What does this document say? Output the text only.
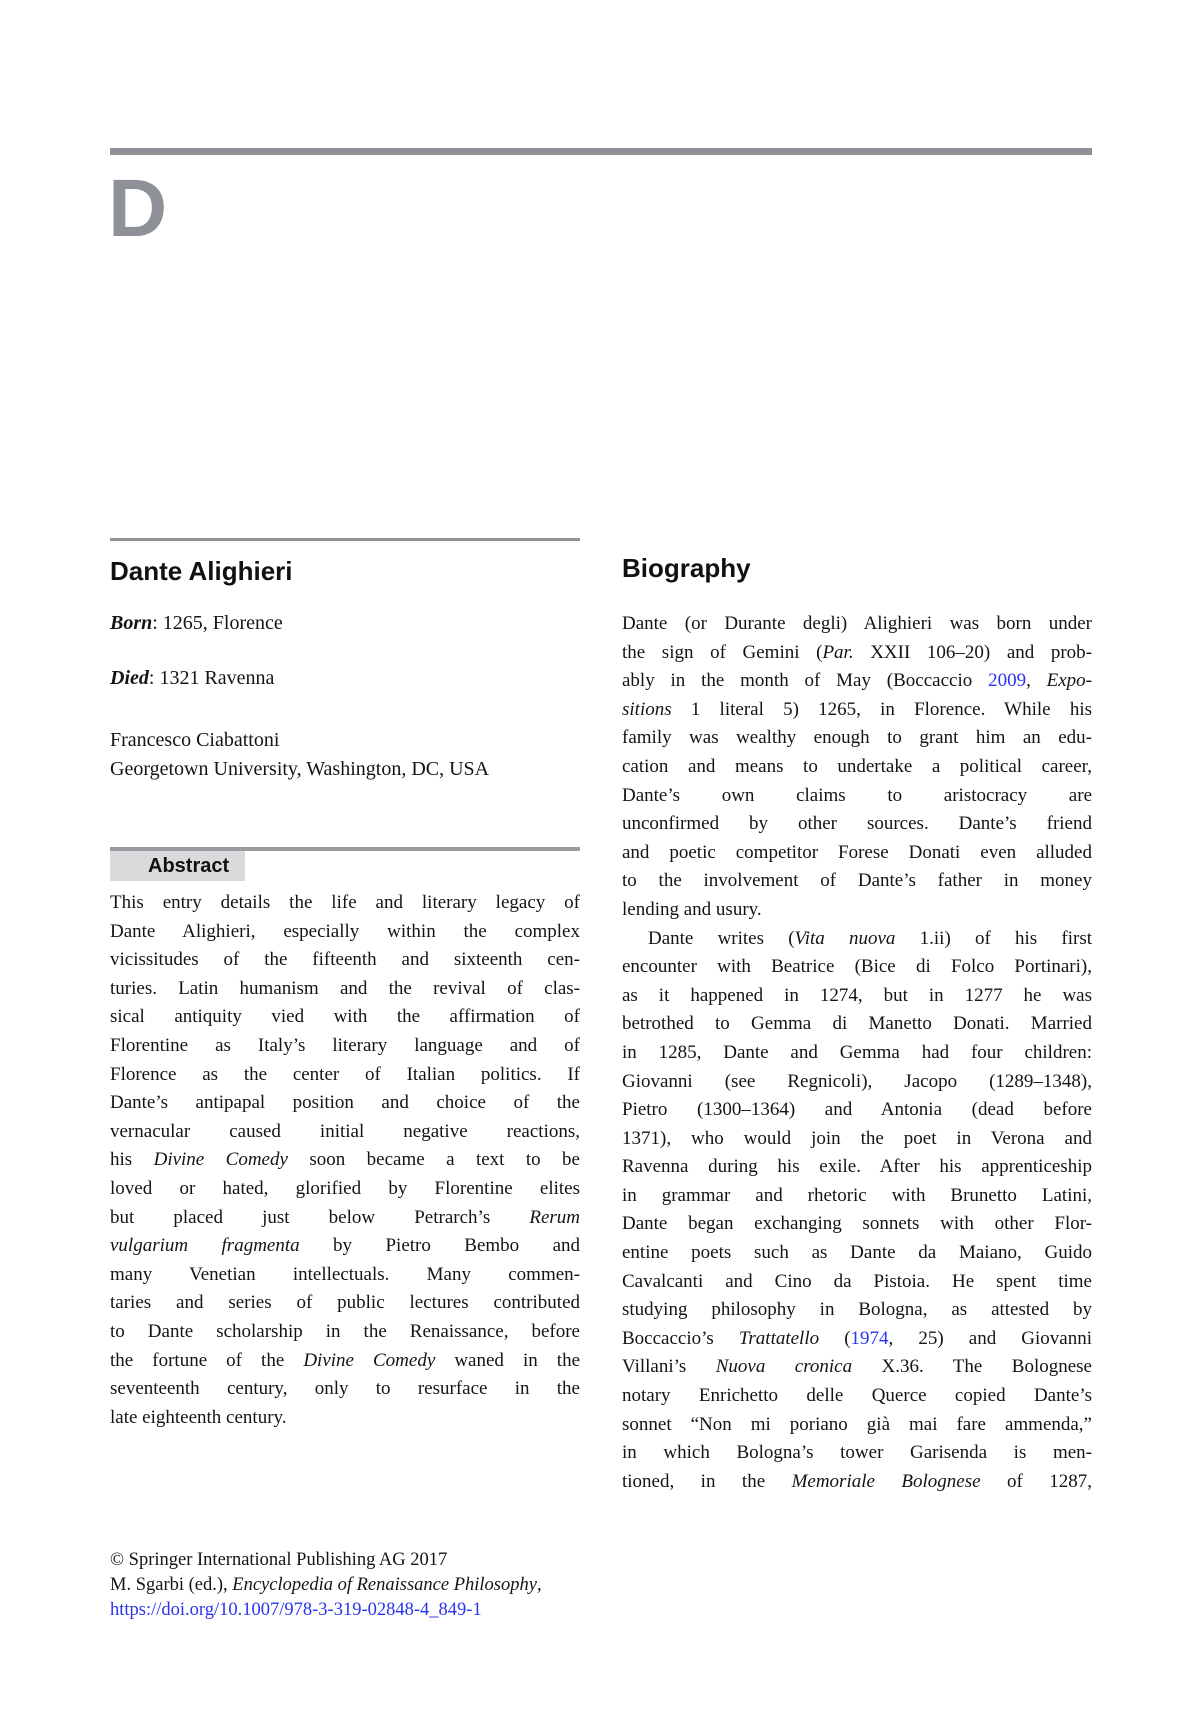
D
Dante Alighieri

Born: 1265, Florence

Died: 1321 Ravenna

Francesco Ciabattoni

Georgetown University, Washington, DC, USA

Abstract
This entry details the life and literary legacy of
Dante Alighieri, especially within the complex
vicissitudes of the fifteenth and sixteenth cen-
turies. Latin humanism and the revival of clas-
sical antiquity vied with the affirmation of
Florentine as Italy’s literary language and of
Florence as the center of Italian politics. If
Dante’s antipapal position and choice of the
vernacular caused initial negative reactions,
his Divine Comedy soon became a text to be
loved or hated, glorified by Florentine elites
but placed just below Petrarch’s Rerum
vulgarium fragmenta by Pietro Bembo and
many Venetian intellectuals. Many commen-
taries and series of public lectures contributed
to Dante scholarship in the Renaissance, before
the fortune of the Divine Comedy waned in the
seventeenth century, only to resurface in the
late eighteenth century.
Biography
Dante (or Durante degli) Alighieri was born under
the sign of Gemini (Par. XXII 106–20) and prob-
ably in the month of May (Boccaccio 2009, Expo-
sitions 1 literal 5) 1265, in Florence. While his
family was wealthy enough to grant him an edu-
cation and means to undertake a political career,
Dante’s own claims to aristocracy are
unconfirmed by other sources. Dante’s friend
and poetic competitor Forese Donati even alluded
to the involvement of Dante’s father in money
lending and usury.
Dante writes (Vita nuova 1.ii) of his first
encounter with Beatrice (Bice di Folco Portinari),
as it happened in 1274, but in 1277 he was
betrothed to Gemma di Manetto Donati. Married
in 1285, Dante and Gemma had four children:
Giovanni (see Regnicoli), Jacopo (1289–1348),
Pietro (1300–1364) and Antonia (dead before
1371), who would join the poet in Verona and
Ravenna during his exile. After his apprenticeship
in grammar and rhetoric with Brunetto Latini,
Dante began exchanging sonnets with other Flor-
entine poets such as Dante da Maiano, Guido
Cavalcanti and Cino da Pistoia. He spent time
studying philosophy in Bologna, as attested by
Boccaccio’s Trattatello (1974, 25) and Giovanni
Villani’s Nuova cronica X.36. The Bolognese
notary Enrichetto delle Querce copied Dante’s
sonnet “Non mi poriano già mai fare ammenda,”
in which Bologna’s tower Garisenda is men-
tioned, in the Memoriale Bolognese of 1287,
© Springer International Publishing AG 2017
M. Sgarbi (ed.), Encyclopedia of Renaissance Philosophy,
https://doi.org/10.1007/978-3-319-02848-4_849-1
